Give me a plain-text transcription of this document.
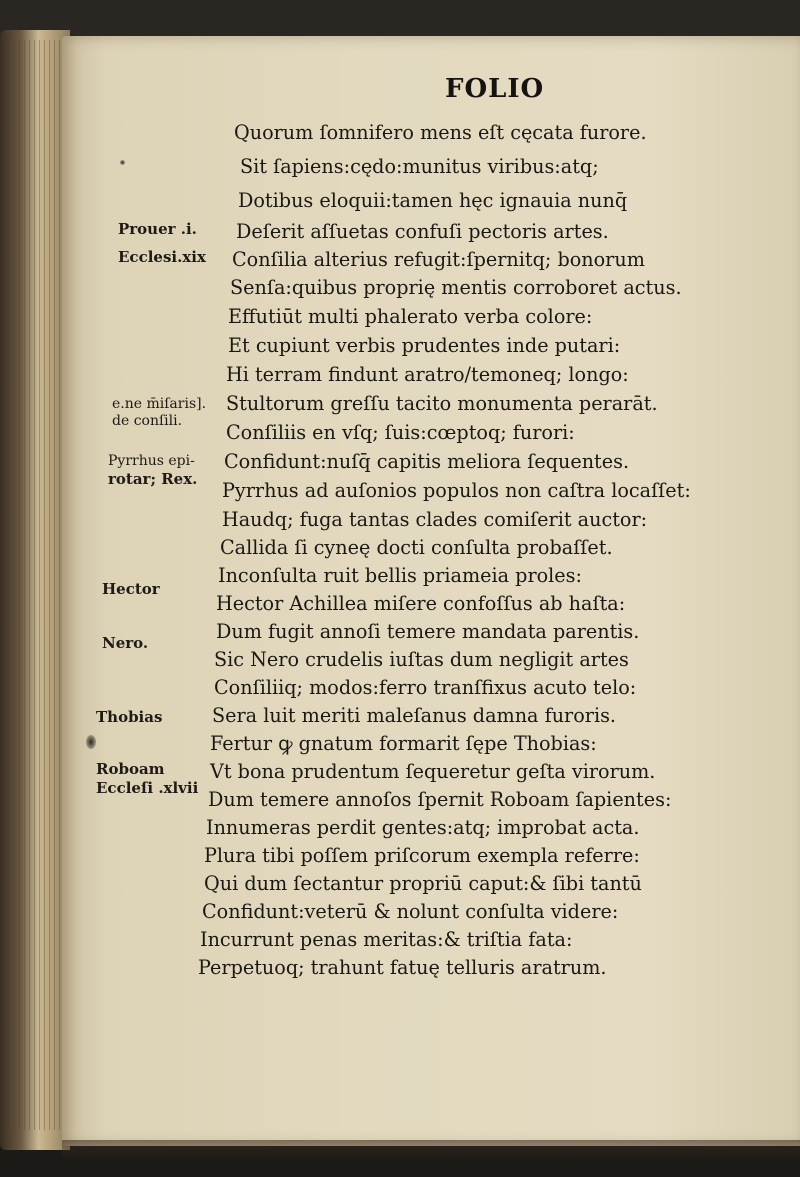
FOLIO
Prouer .i.
Ecclesi.xix
e.ne m̄iſaris].
de conſili.
Pyrrhus epi-
rotar; Rex.
Hector
Nero.
Thobias
Roboam
Eccleſi .xlvii

Quorum ſomnifero mens eſt cęcata furore.

Sit ſapiens:cędo:munitus viribus:atq;

Dotibus eloquii:tamen hęc ignauia nunq̄

Deſerit aſſuetas confuſi pectoris artes.

Conſilia alterius refugit:ſpernitq; bonorum

Senſa:quibus proprię mentis corroboret actus.

Effutiūt multi phalerato verba colore:

Et cupiunt verbis prudentes inde putari:

Hi terram findunt aratro/temoneq; longo:

Stultorum greſſu tacito monumenta perarāt.

Conſiliis en vſq; ſuis:cœptoq; furori:

Confidunt:nuſq̄ capitis meliora ſequentes.

Pyrrhus ad auſonios populos non caſtra locaſſet:

Haudq; fuga tantas clades comiſerit auctor:

Callida ſi cyneę docti conſulta probaſſet.

Inconſulta ruit bellis priameia proles:

Hector Achillea miſere confoſſus ab haſta:

Dum fugit annoſi temere mandata parentis.

Sic Nero crudelis iuſtas dum negligit artes

Conſiliiq; modos:ferro tranſfixus acuto telo:

Sera luit meriti maleſanus damna furoris.

Fertur ꝙ gnatum formarit ſępe Thobias:

Vt bona prudentum ſequeretur geſta virorum.

Dum temere annoſos ſpernit Roboam ſapientes:

Innumeras perdit gentes:atq; improbat acta.

Plura tibi poſſem priſcorum exempla referre:

Qui dum ſectantur propriū caput:& ſibi tantū

Confidunt:veterū & nolunt conſulta videre:

Incurrunt penas meritas:& triſtia fata:

Perpetuoq; trahunt fatuę telluris aratrum.
